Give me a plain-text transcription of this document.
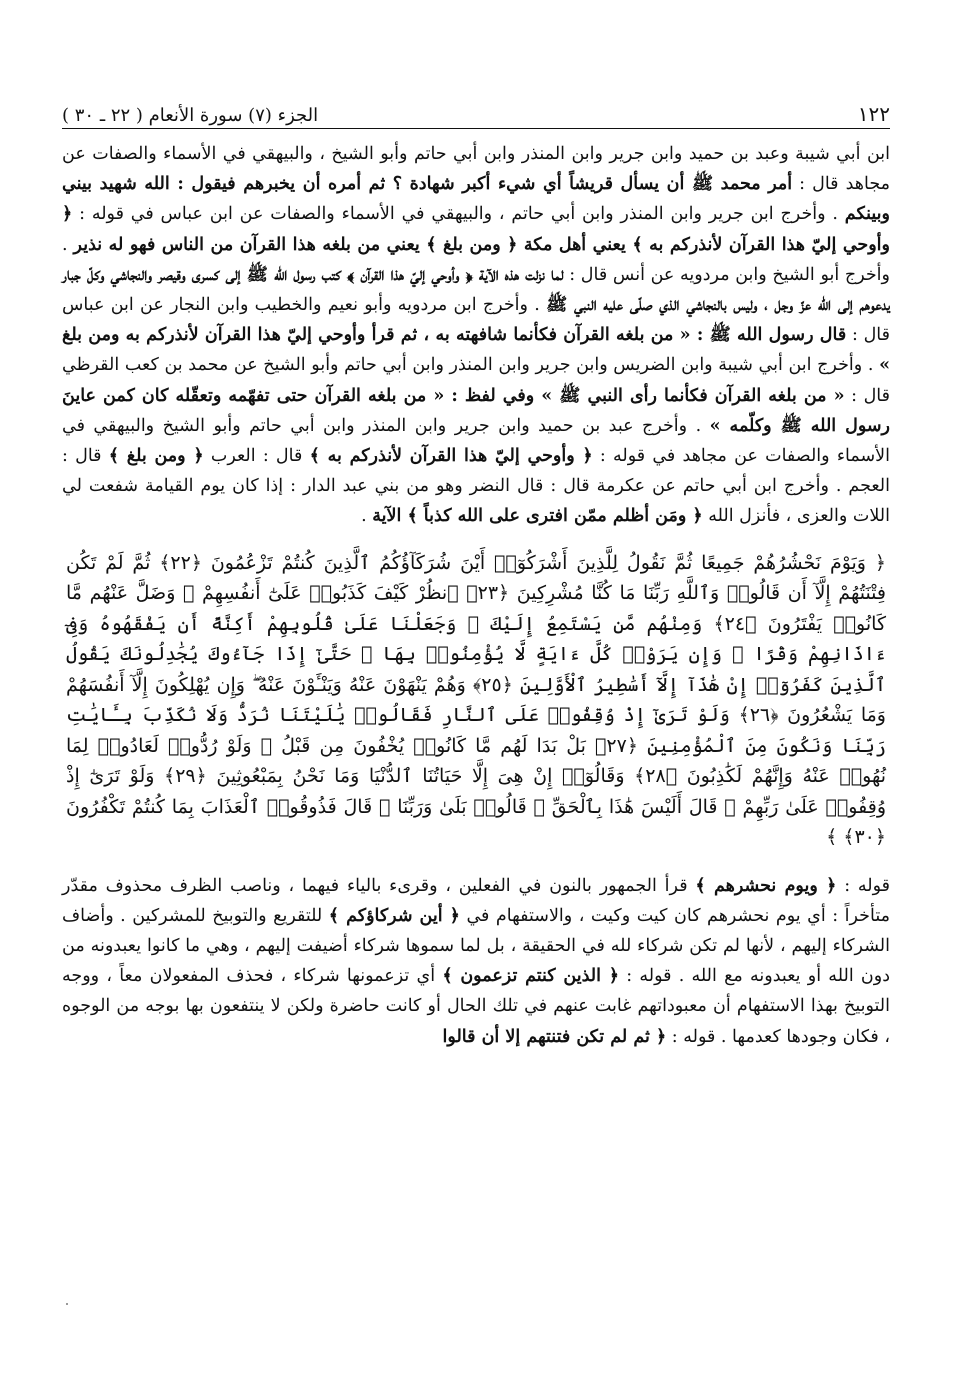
١٢٢
الجزء (٧) سورة الأنعام ( ٢٢ ـ ٣٠ )

ابن أبي شيبة وعبد بن حميد وابن جرير وابن المنذر وابن أبي حاتم وأبو الشيخ ، والبيهقي في الأسماء والصفات عن مجاهد قال : أمر محمد ﷺ أن يسأل قريشاً أي شيء أكبر شهادة ؟ ثم أمره أن يخبرهم فيقول : الله شهيد بيني وبينكم . وأخرج ابن جرير وابن المنذر وابن أبي حاتم ، والبيهقي في الأسماء والصفات عن ابن عباس في قوله : ﴿ وأوحي إليّ هذا القرآن لأنذركم به ﴾ يعني أهل مكة ﴿ ومن بلغ ﴾ يعني من بلغه هذا القرآن من الناس فهو له نذير . وأخرج أبو الشيخ وابن مردويه عن أنس قال : لما نزلت هذه الآية ﴿ وأوحي إليّ هذا القرآن ﴾ كتب رسول الله ﷺ إلى كسرى وقيصر والنجاشي وكلّ جبار يدعوهم إلى الله عزّ وجل ، وليس بالنجاشي الذي صلّى عليه النبي ﷺ . وأخرج ابن مردويه وأبو نعيم والخطيب وابن النجار عن ابن عباس قال : قال رسول الله ﷺ : « من بلغه القرآن فكأنما شافهته به ، ثم قرأ وأوحي إليّ هذا القرآن لأنذركم به ومن بلغ » . وأخرج ابن أبي شيبة وابن الضريس وابن جرير وابن المنذر وابن أبي حاتم وأبو الشيخ عن محمد بن كعب القرظي قال : « من بلغه القرآن فكأنما رأى النبي ﷺ » وفي لفظ : « من بلغه القرآن حتى تفهّمه وتعقّله كان كمن عاينَ رسول الله ﷺ وكلّمه » . وأخرج عبد بن حميد وابن جرير وابن المنذر وابن أبي حاتم وأبو الشيخ والبيهقي في الأسماء والصفات عن مجاهد في قوله : ﴿ وأوحي إليّ هذا القرآن لأنذركم به ﴾ قال : العرب ﴿ ومن بلغ ﴾ قال : العجم . وأخرج ابن أبي حاتم عن عكرمة قال : قال النضر وهو من بني عبد الدار : إذا كان يوم القيامة شفعت لي اللات والعزى ، فأنزل الله ﴿ ومَن أظلم ممّن افترى على الله كذباً ﴾ الآية .

﴿ وَيَوْمَ نَحْشُرُهُمْ جَمِيعًا ثُمَّ نَقُولُ لِلَّذِينَ أَشْرَكُوٓا۟ أَيْنَ شُرَكَآؤُكُمُ ٱلَّذِينَ كُنتُمْ تَزْعُمُونَ ﴿٢٢﴾ ثُمَّ لَمْ تَكُن فِتْنَتُهُمْ إِلَّآ أَن قَالُوا۟ وَٱللَّهِ رَبِّنَا مَا كُنَّا مُشْرِكِينَ ﴿٢٣﴾ ٱنظُرْ كَيْفَ كَذَبُوا۟ عَلَىٰٓ أَنفُسِهِمْ ۚ وَضَلَّ عَنْهُم مَّا كَانُوا۟ يَفْتَرُونَ ﴿٢٤﴾ وَمِنْهُم مَّن يَسْتَمِعُ إِلَيْكَ ۖ وَجَعَلْنَا عَلَىٰ قُلُوبِهِمْ أَكِنَّةً أَن يَفْقَهُوهُ وَفِىٓ ءَاذَانِهِمْ وَقْرًا ۚ وَإِن يَرَوْا۟ كُلَّ ءَايَةٍ لَّا يُؤْمِنُوا۟ بِهَا ۚ حَتَّىٰٓ إِذَا جَآءُوكَ يُجَٰدِلُونَكَ يَقُولُ ٱلَّذِينَ كَفَرُوٓا۟ إِنْ هَٰذَآ إِلَّآ أَسَٰطِيرُ ٱلْأَوَّلِينَ ﴿٢٥﴾ وَهُمْ يَنْهَوْنَ عَنْهُ وَيَنْـَٔوْنَ عَنْهُ ۖ وَإِن يُهْلِكُونَ إِلَّآ أَنفُسَهُمْ وَمَا يَشْعُرُونَ ﴿٢٦﴾ وَلَوْ تَرَىٰٓ إِذْ وُقِفُوا۟ عَلَى ٱلنَّارِ فَقَالُوا۟ يَٰلَيْتَنَا نُرَدُّ وَلَا نُكَذِّبَ بِـَٔايَٰتِ رَبِّنَا وَنَكُونَ مِنَ ٱلْمُؤْمِنِينَ ﴿٢٧﴾ بَلْ بَدَا لَهُم مَّا كَانُوا۟ يُخْفُونَ مِن قَبْلُ ۖ وَلَوْ رُدُّوا۟ لَعَادُوا۟ لِمَا نُهُوا۟ عَنْهُ وَإِنَّهُمْ لَكَٰذِبُونَ ﴿٢٨﴾ وَقَالُوٓا۟ إِنْ هِىَ إِلَّا حَيَاتُنَا ٱلدُّنْيَا وَمَا نَحْنُ بِمَبْعُوثِينَ ﴿٢٩﴾ وَلَوْ تَرَىٰٓ إِذْ وُقِفُوا۟ عَلَىٰ رَبِّهِمْ ۚ قَالَ أَلَيْسَ هَٰذَا بِٱلْحَقِّ ۚ قَالُوا۟ بَلَىٰ وَرَبِّنَا ۚ قَالَ فَذُوقُوا۟ ٱلْعَذَابَ بِمَا كُنتُمْ تَكْفُرُونَ ﴿٣٠﴾ ﴾

قوله : ﴿ ويوم نحشرهم ﴾ قرأ الجمهور بالنون في الفعلين ، وقرىء بالياء فيهما ، وناصب الظرف محذوف مقدّر متأخراً : أي يوم نحشرهم كان كيت وكيت ، والاستفهام في ﴿ أين شركاؤكم ﴾ للتقريع والتوبيخ للمشركين . وأضاف الشركاء إليهم ، لأنها لم تكن شركاء لله في الحقيقة ، بل لما سموها شركاء أضيفت إليهم ، وهي ما كانوا يعبدونه من دون الله أو يعبدونه مع الله . قوله : ﴿ الذين كنتم تزعمون ﴾ أي تزعمونها شركاء ، فحذف المفعولان معاً ، ووجه التوبيخ بهذا الاستفهام أن معبوداتهم غابت عنهم في تلك الحال أو كانت حاضرة ولكن لا ينتفعون بها بوجه من الوجوه ، فكان وجودها كعدمها . قوله : ﴿ ثم لم تكن فتنتهم إلا أن قالوا
